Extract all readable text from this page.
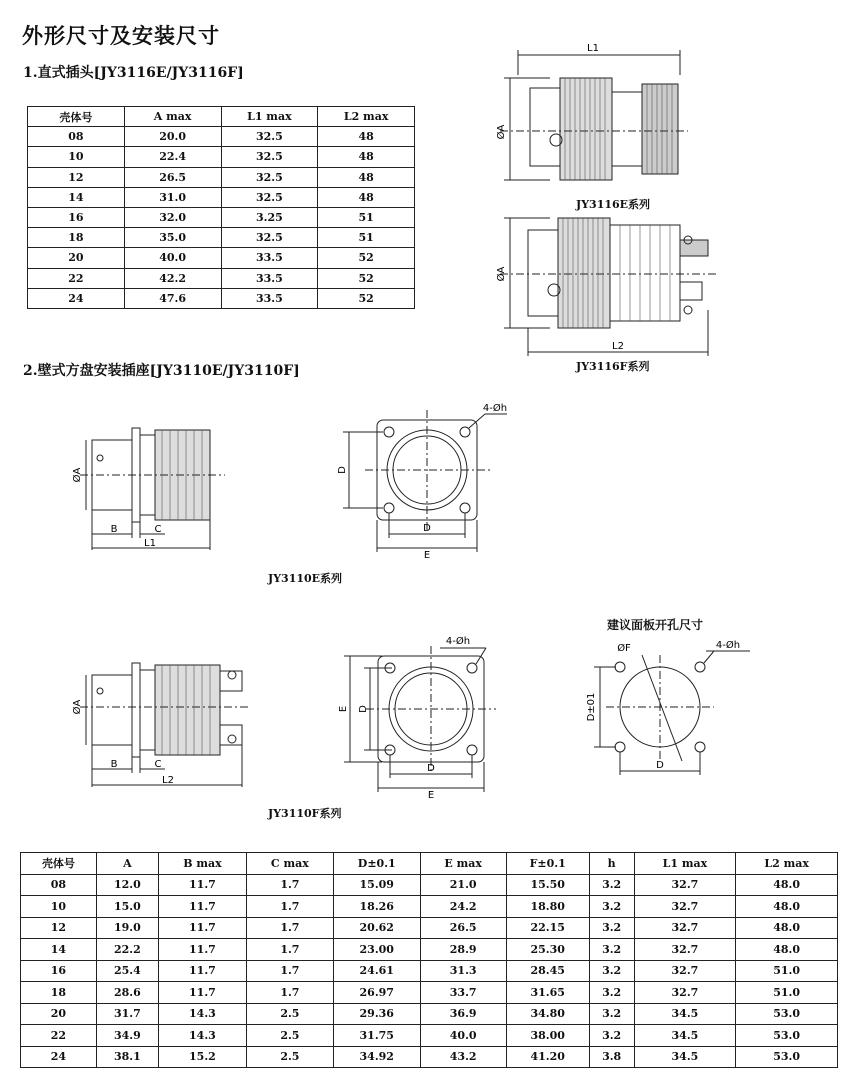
外形尺寸及安装尺寸
1.直式插头[JY3116E/JY3116F]
壳体号	A max	L1 max	L2 max
08	20.0	32.5	48
10	22.4	32.5	48
12	26.5	32.5	48
14	31.0	32.5	48
16	32.0	3.25	51
18	35.0	32.5	51
20	40.0	33.5	52
22	42.2	33.5	52
24	47.6	33.5	52
2.壁式方盘安装插座[JY3110E/JY3110F]
L1
ØA
JY3116E系列
L2
ØA
JY3116F系列
ØA
B	C
L1
4-Øh
D
D
E
JY3110E系列
ØA
B	C
L2
4-Øh
E D
D
E
JY3110F系列
建议面板开孔尺寸
ØF	4-Øh
D±01
D
壳体号	A	B max	C max	D±0.1	E max	F±0.1	h	L1 max	L2 max
08	12.0	11.7	1.7	15.09	21.0	15.50	3.2	32.7	48.0
10	15.0	11.7	1.7	18.26	24.2	18.80	3.2	32.7	48.0
12	19.0	11.7	1.7	20.62	26.5	22.15	3.2	32.7	48.0
14	22.2	11.7	1.7	23.00	28.9	25.30	3.2	32.7	48.0
16	25.4	11.7	1.7	24.61	31.3	28.45	3.2	32.7	51.0
18	28.6	11.7	1.7	26.97	33.7	31.65	3.2	32.7	51.0
20	31.7	14.3	2.5	29.36	36.9	34.80	3.2	34.5	53.0
22	34.9	14.3	2.5	31.75	40.0	38.00	3.2	34.5	53.0
24	38.1	15.2	2.5	34.92	43.2	41.20	3.8	34.5	53.0
